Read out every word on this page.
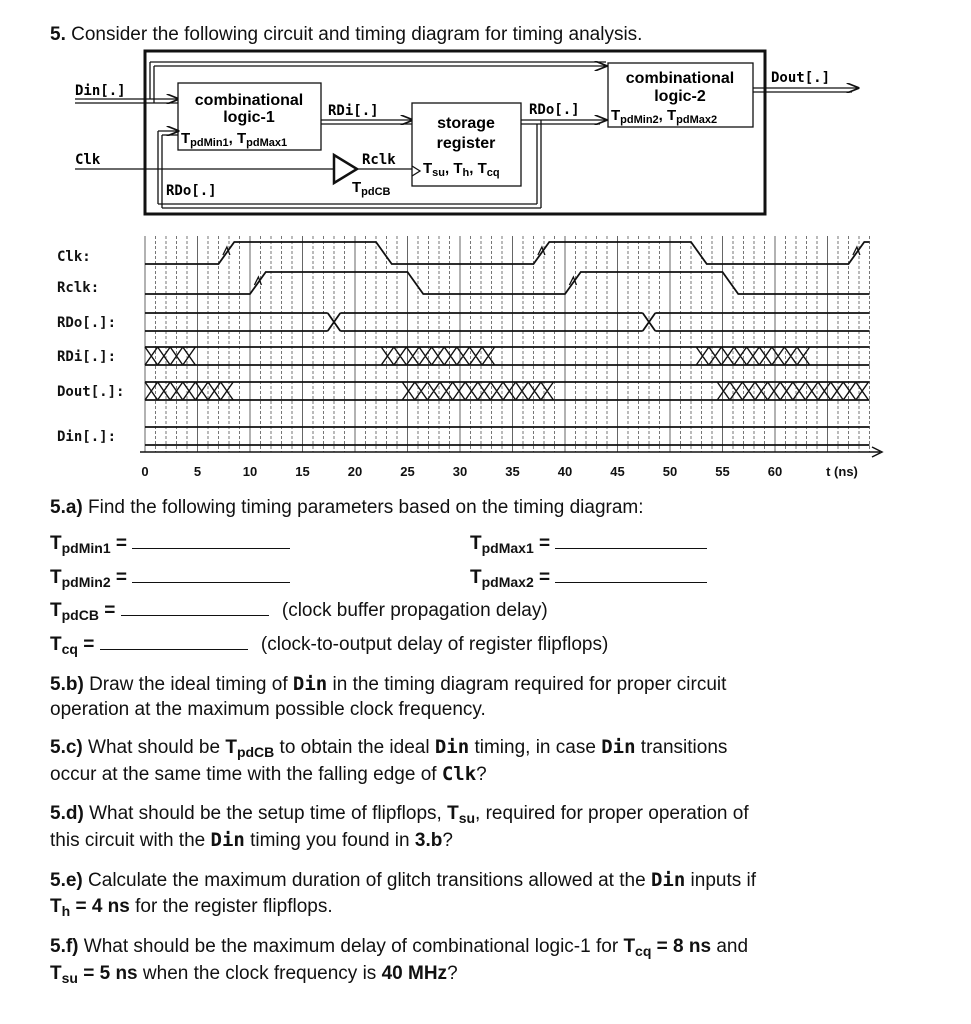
5. Consider the following circuit and timing diagram for timing analysis.
Din[.]
combinational
logic-1
$T_{pdMin1}$, $T_{pdMax1}$
RDi[.]
storage
register
$T_{su}$, $T_h$, $T_{cq}$
RDo[.]
RDo[.]
combinational
logic-2
$T_{pdMin2}$, $T_{pdMax2}$
Dout[.]
Clk	Rclk
$T_{pdCB}$
Clk:
Rclk:
RDo[.]:
RDi[.]:
Dout[.]:
Din[.]:
0	5	10	15	20	25	30	35	40	45	50	55	60	t (ns)
5.a) Find the following timing parameters based on the timing diagram:
$T_{pdMin1}$ =	$T_{pdMax1}$ =
$T_{pdMin2}$ =	$T_{pdMax2}$ =
$T_{pdCB}$ =	(clock buffer propagation delay)
$T_{cq}$ =	(clock-to-output delay of register flipflops)
5.b) Draw the ideal timing of Din in the timing diagram required for proper circuit
operation at the maximum possible clock frequency.
5.c) What should be $T_{pdCB}$ to obtain the ideal Din timing, in case Din transitions
occur at the same time with the falling edge of Clk?
5.d) What should be the setup time of flipflops, $T_{su}$, required for proper operation of
this circuit with the Din timing you found in 3.b?
5.e) Calculate the maximum duration of glitch transitions allowed at the Din inputs if
$T_h = 4$ ns for the register flipflops.
5.f) What should be the maximum delay of combinational logic-1 for $T_{cq} = 8$ ns and
$T_{su} = 5$ ns when the clock frequency is 40 MHz?
